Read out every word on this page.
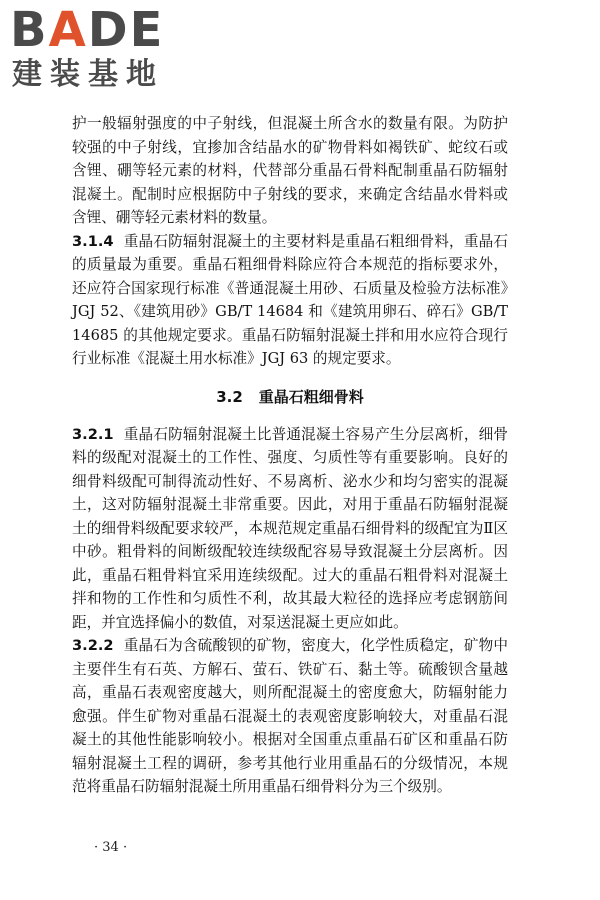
BADE
建装基地

护一般辐射强度的中子射线，但混凝土所含水的数量有限。为防护较强的中子射线，宜掺加含结晶水的矿物骨料如褐铁矿、蛇纹石或含锂、硼等轻元素的材料，代替部分重晶石骨料配制重晶石防辐射混凝土。配制时应根据防中子射线的要求，来确定含结晶水骨料或含锂、硼等轻元素材料的数量。

3.1.4 重晶石防辐射混凝土的主要材料是重晶石粗细骨料，重晶石的质量最为重要。重晶石粗细骨料除应符合本规范的指标要求外，还应符合国家现行标准《普通混凝土用砂、石质量及检验方法标准》JGJ 52、《建筑用砂》GB/T 14684 和《建筑用卵石、碎石》GB/T 14685 的其他规定要求。重晶石防辐射混凝土拌和用水应符合现行行业标准《混凝土用水标准》JGJ 63 的规定要求。

3.2 重晶石粗细骨料

3.2.1 重晶石防辐射混凝土比普通混凝土容易产生分层离析，细骨料的级配对混凝土的工作性、强度、匀质性等有重要影响。良好的细骨料级配可制得流动性好、不易离析、泌水少和均匀密实的混凝土，这对防辐射混凝土非常重要。因此，对用于重晶石防辐射混凝土的细骨料级配要求较严，本规范规定重晶石细骨料的级配宜为Ⅱ区中砂。粗骨料的间断级配较连续级配容易导致混凝土分层离析。因此，重晶石粗骨料宜采用连续级配。过大的重晶石粗骨料对混凝土拌和物的工作性和匀质性不利，故其最大粒径的选择应考虑钢筋间距，并宜选择偏小的数值，对泵送混凝土更应如此。

3.2.2 重晶石为含硫酸钡的矿物，密度大，化学性质稳定，矿物中主要伴生有石英、方解石、萤石、铁矿石、黏土等。硫酸钡含量越高，重晶石表观密度越大，则所配混凝土的密度愈大，防辐射能力愈强。伴生矿物对重晶石混凝土的表观密度影响较大，对重晶石混凝土的其他性能影响较小。根据对全国重点重晶石矿区和重晶石防辐射混凝土工程的调研，参考其他行业用重晶石的分级情况，本规范将重晶石防辐射混凝土所用重晶石细骨料分为三个级别。

· 34 ·
